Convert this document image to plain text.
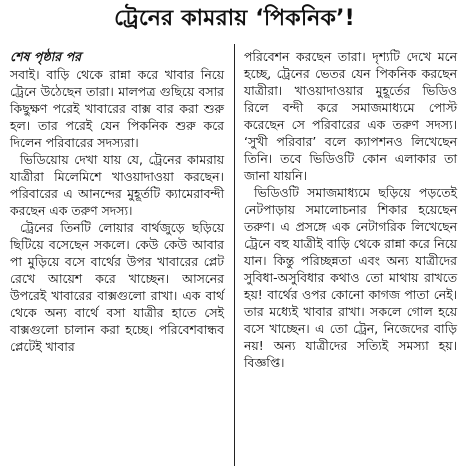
ট্রেনের কামরায় ‘পিকনিক’!
শেষ পৃষ্ঠার পর

সবাই। বাড়ি থেকে রান্না করে খাবার নিয়ে ট্রেনে উঠেছেন তারা। মালপত্র গুছিয়ে বসার কিছুক্ষণ পরেই খাবারের বাক্স বার করা শুরু হল। তার পরেই যেন পিকনিক শুরু করে দিলেন পরিবারের সদস্যরা।

ভিডিয়োয় দেখা যায় যে, ট্রেনের কামরায় যাত্রীরা মিলেমিশে খাওয়াদাওয়া করছেন। পরিবারের এ আনন্দের মুহূর্তটি ক্যামেরাবন্দী করছেন এক তরুণ সদস্য।

ট্রেনের তিনটি লোয়ার বার্থজুড়ে ছড়িয়ে ছিটিয়ে বসেছেন সকলে। কেউ কেউ আবার পা মুড়িয়ে বসে বার্থের উপর খাবারের প্লেট রেখে আয়েশ করে খাচ্ছেন। আসনের উপরেই খাবারের বাক্সগুলো রাখা। এক বার্থ থেকে অন্য বার্থে বসা যাত্রীর হাতে সেই বাক্সগুলো চালান করা হচ্ছে। পরিবেশবান্ধব প্লেটেই খাবার

পরিবেশন করছেন তারা। দৃশ্যটি দেখে মনে হচ্ছে, ট্রেনের ভেতর যেন পিকনিক করছেন যাত্রীরা। খাওয়াদাওয়ার মুহূর্তের ভিডিও রিলে বন্দী করে সমাজমাধ্যমে পোস্ট করেছেন সে পরিবারের এক তরুণ সদস্য। ‘সুখী পরিবার’ বলে ক্যাপশনও লিখেছেন তিনি। তবে ভিডিওটি কোন এলাকার তা জানা যায়নি।

ভিডিওটি সমাজমাধ্যমে ছড়িয়ে পড়তেই নেটপাড়ায় সমালোচনার শিকার হয়েছেন তরুণ। এ প্রসঙ্গে এক নেটাগরিক লিখেছেন ট্রেনে বহু যাত্রীই বাড়ি থেকে রান্না করে নিয়ে যান। কিন্তু পরিচ্ছন্নতা এবং অন্য যাত্রীদের সুবিধা-অসুবিধার কথাও তো মাথায় রাখতে হয়! বার্থের ওপর কোনো কাগজ পাতা নেই। তার মধ্যেই খাবার রাখা। সকলে গোল হয়ে বসে খাচ্ছেন। এ তো ট্রেন, নিজেদের বাড়ি নয়! অন্য যাত্রীদের সত্যিই সমস্যা হয়। বিজ্ঞপ্তি।
